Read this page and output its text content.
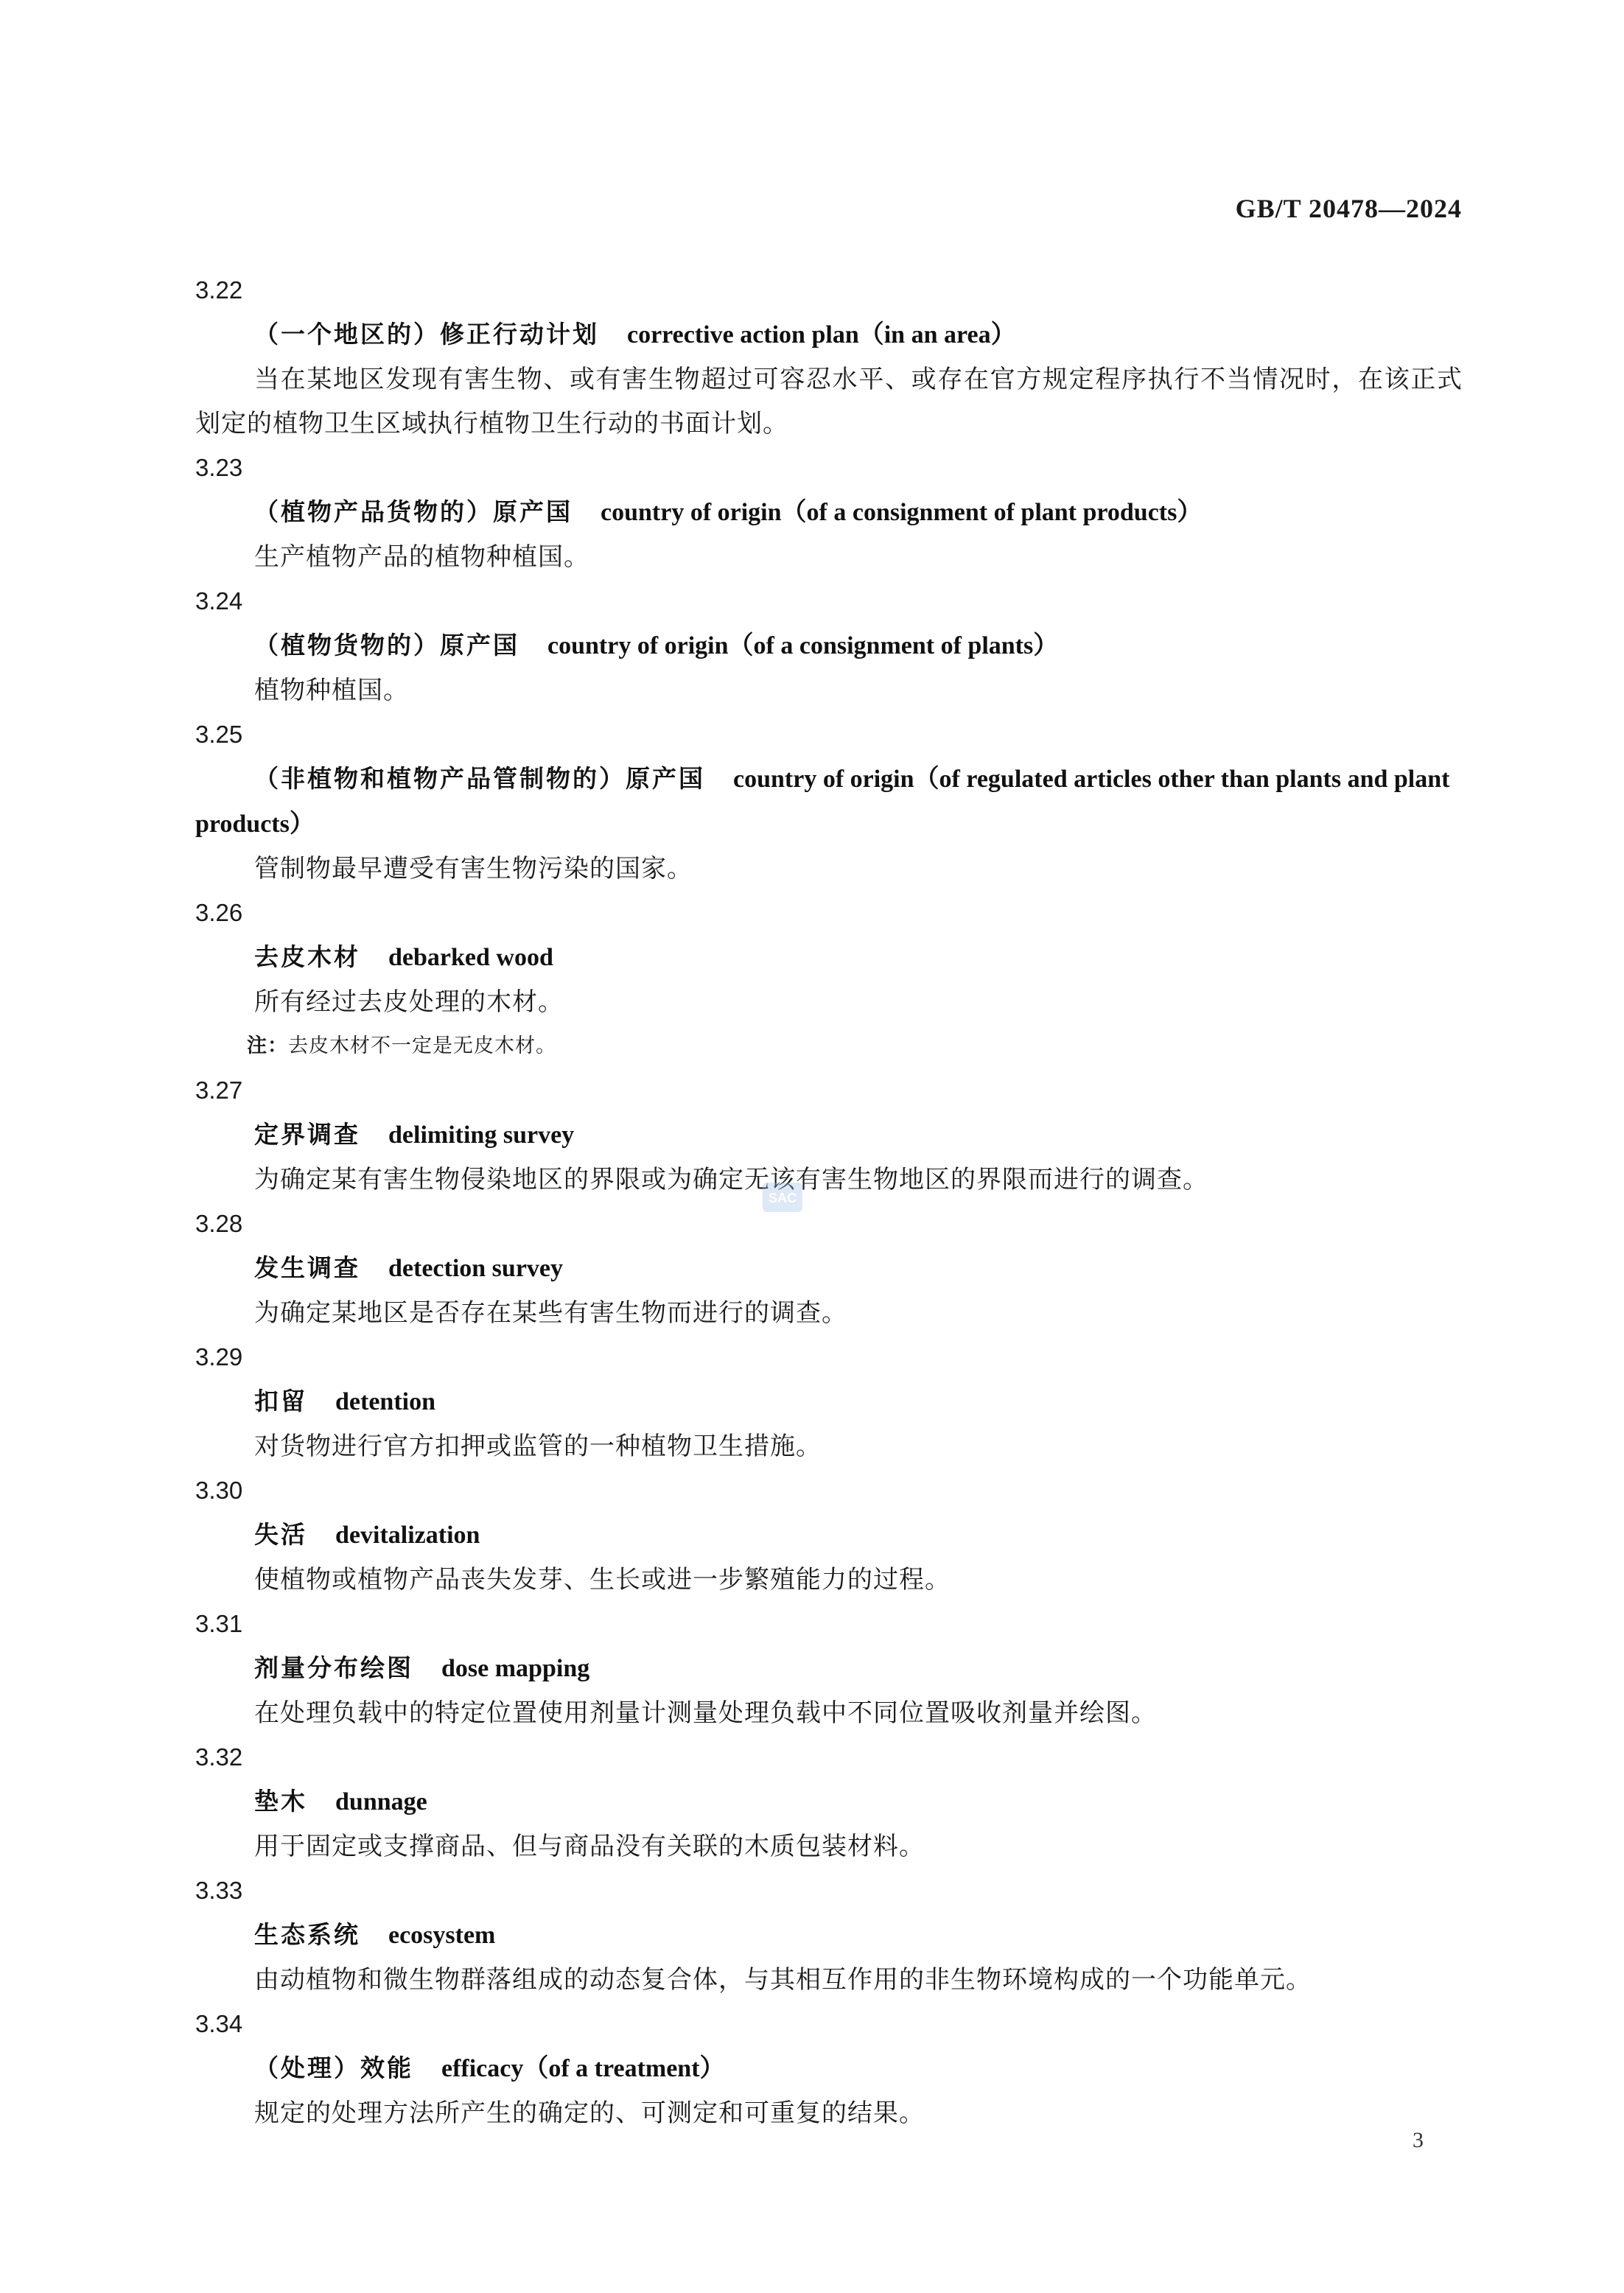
GB/T 20478—2024
3.22
（一个地区的）修正行动计划 corrective action plan（in an area）
当在某地区发现有害生物、或有害生物超过可容忍水平、或存在官方规定程序执行不当情况时，在该正式划定的植物卫生区域执行植物卫生行动的书面计划。
3.23
（植物产品货物的）原产国 country of origin（of a consignment of plant products）
生产植物产品的植物种植国。
3.24
（植物货物的）原产国 country of origin（of a consignment of plants）
植物种植国。
3.25
（非植物和植物产品管制物的）原产国 country of origin（of regulated articles other than plants and plant products）
管制物最早遭受有害生物污染的国家。
3.26
去皮木材 debarked wood
所有经过去皮处理的木材。
注：去皮木材不一定是无皮木材。
3.27
定界调查 delimiting survey
为确定某有害生物侵染地区的界限或为确定无该有害生物地区的界限而进行的调查。
3.28
发生调查 detection survey
为确定某地区是否存在某些有害生物而进行的调查。
3.29
扣留 detention
对货物进行官方扣押或监管的一种植物卫生措施。
3.30
失活 devitalization
使植物或植物产品丧失发芽、生长或进一步繁殖能力的过程。
3.31
剂量分布绘图 dose mapping
在处理负载中的特定位置使用剂量计测量处理负载中不同位置吸收剂量并绘图。
3.32
垫木 dunnage
用于固定或支撑商品、但与商品没有关联的木质包装材料。
3.33
生态系统 ecosystem
由动植物和微生物群落组成的动态复合体，与其相互作用的非生物环境构成的一个功能单元。
3.34
（处理）效能 efficacy（of a treatment）
规定的处理方法所产生的确定的、可测定和可重复的结果。
SAC
3
